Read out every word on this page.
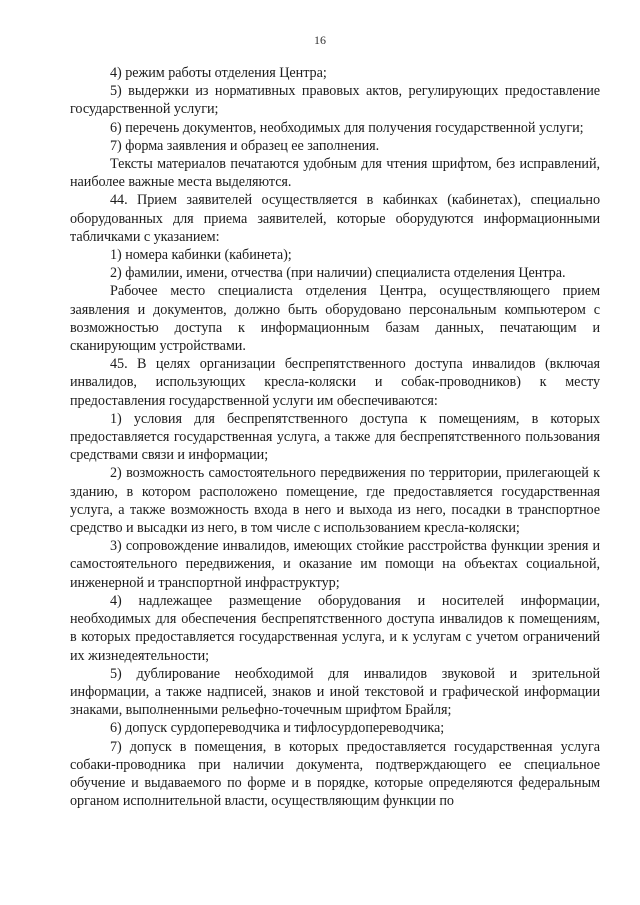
16

4) режим работы отделения Центра;

5) выдержки из нормативных правовых актов, регулирующих предоставление государственной услуги;

6) перечень документов, необходимых для получения государственной услуги;

7) форма заявления и образец ее заполнения.

Тексты материалов печатаются удобным для чтения шрифтом, без исправлений, наиболее важные места выделяются.

44. Прием заявителей осуществляется в кабинках (кабинетах), специально оборудованных для приема заявителей, которые оборудуются информационными табличками с указанием:

1) номера кабинки (кабинета);

2) фамилии, имени, отчества (при наличии) специалиста отделения Центра.

Рабочее место специалиста отделения Центра, осуществляющего прием заявления и документов, должно быть оборудовано персональным компьютером с возможностью доступа к информационным базам данных, печатающим и сканирующим устройствами.

45. В целях организации беспрепятственного доступа инвалидов (включая инвалидов, использующих кресла-коляски и собак-проводников) к месту предоставления государственной услуги им обеспечиваются:

1) условия для беспрепятственного доступа к помещениям, в которых предоставляется государственная услуга, а также для беспрепятственного пользования средствами связи и информации;

2) возможность самостоятельного передвижения по территории, прилегающей к зданию, в котором расположено помещение, где предоставляется государственная услуга, а также возможность входа в него и выхода из него, посадки в транспортное средство и высадки из него, в том числе с использованием кресла-коляски;

3) сопровождение инвалидов, имеющих стойкие расстройства функции зрения и самостоятельного передвижения, и оказание им помощи на объектах социальной, инженерной и транспортной инфраструктур;

4) надлежащее размещение оборудования и носителей информации, необходимых для обеспечения беспрепятственного доступа инвалидов к помещениям, в которых предоставляется государственная услуга, и к услугам с учетом ограничений их жизнедеятельности;

5) дублирование необходимой для инвалидов звуковой и зрительной информации, а также надписей, знаков и иной текстовой и графической информации знаками, выполненными рельефно-точечным шрифтом Брайля;

6) допуск сурдопереводчика и тифлосурдопереводчика;

7) допуск в помещения, в которых предоставляется государственная услуга собаки-проводника при наличии документа, подтверждающего ее специальное обучение и выдаваемого по форме и в порядке, которые определяются федеральным органом исполнительной власти, осуществляющим функции по
